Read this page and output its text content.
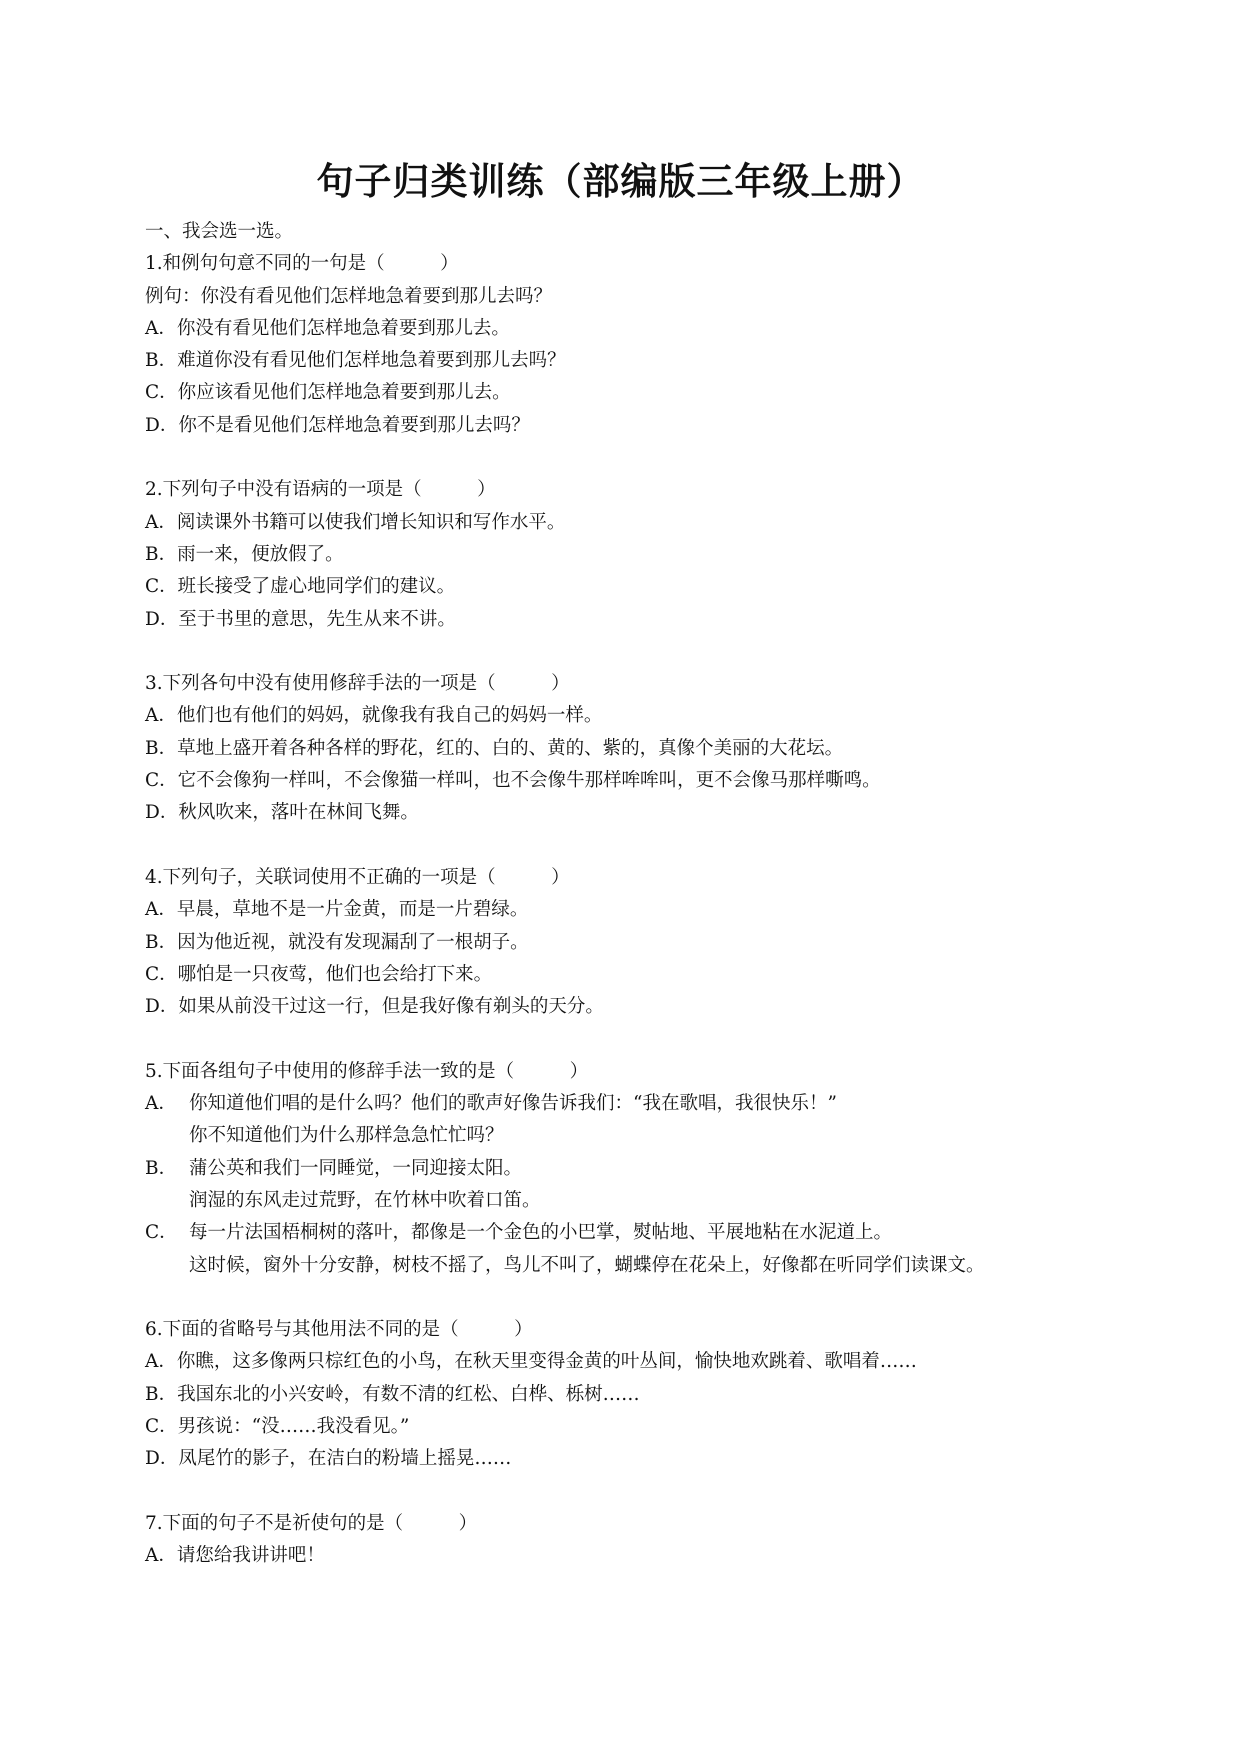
句子归类训练（部编版三年级上册）
一、我会选一选。
1.和例句句意不同的一句是（　　　）
例句：你没有看见他们怎样地急着要到那儿去吗？
A．你没有看见他们怎样地急着要到那儿去。
B．难道你没有看见他们怎样地急着要到那儿去吗？
C．你应该看见他们怎样地急着要到那儿去。
D．你不是看见他们怎样地急着要到那儿去吗？
2.下列句子中没有语病的一项是（　　　）
A．阅读课外书籍可以使我们增长知识和写作水平。
B．雨一来，便放假了。
C．班长接受了虚心地同学们的建议。
D．至于书里的意思，先生从来不讲。
3.下列各句中没有使用修辞手法的一项是（　　　）
A．他们也有他们的妈妈，就像我有我自己的妈妈一样。
B．草地上盛开着各种各样的野花，红的、白的、黄的、紫的，真像个美丽的大花坛。
C．它不会像狗一样叫，不会像猫一样叫，也不会像牛那样哞哞叫，更不会像马那样嘶鸣。
D．秋风吹来，落叶在林间飞舞。
4.下列句子，关联词使用不正确的一项是（　　　）
A．早晨，草地不是一片金黄，而是一片碧绿。
B．因为他近视，就没有发现漏刮了一根胡子。
C．哪怕是一只夜莺，他们也会给打下来。
D．如果从前没干过这一行，但是我好像有剃头的天分。
5.下面各组句子中使用的修辞手法一致的是（　　　）
A． 你知道他们唱的是什么吗？他们的歌声好像告诉我们：“我在歌唱，我很快乐！”
你不知道他们为什么那样急急忙忙吗？
B． 蒲公英和我们一同睡觉，一同迎接太阳。
润湿的东风走过荒野，在竹林中吹着口笛。
C． 每一片法国梧桐树的落叶，都像是一个金色的小巴掌，熨帖地、平展地粘在水泥道上。
这时候，窗外十分安静，树枝不摇了，鸟儿不叫了，蝴蝶停在花朵上，好像都在听同学们读课文。
6.下面的省略号与其他用法不同的是（　　　）
A．你瞧，这多像两只棕红色的小鸟，在秋天里变得金黄的叶丛间，愉快地欢跳着、歌唱着……
B．我国东北的小兴安岭，有数不清的红松、白桦、栎树……
C．男孩说：“没……我没看见。”
D．凤尾竹的影子，在洁白的粉墙上摇晃……
7.下面的句子不是祈使句的是（　　　）
A．请您给我讲讲吧！
